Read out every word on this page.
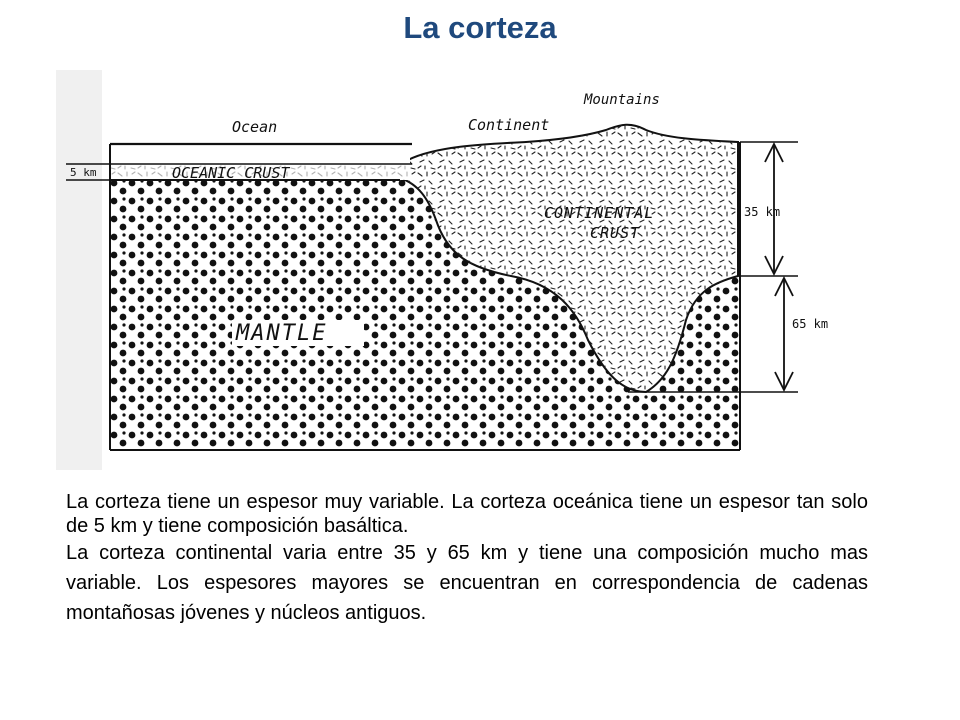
La corteza
Ocean	Continent
Mountains
OCEANIC CRUST
CONTINENTAL
CRUST
MANTLE
5 km
35 km
65 km

La corteza tiene un espesor muy variable. La corteza oceánica tiene un espesor tan solo de 5 km y tiene composición basáltica.

La corteza continental varia entre 35 y 65 km y tiene una composición mucho mas variable. Los espesores mayores se encuentran en correspondencia de cadenas montañosas jóvenes y núcleos antiguos.
